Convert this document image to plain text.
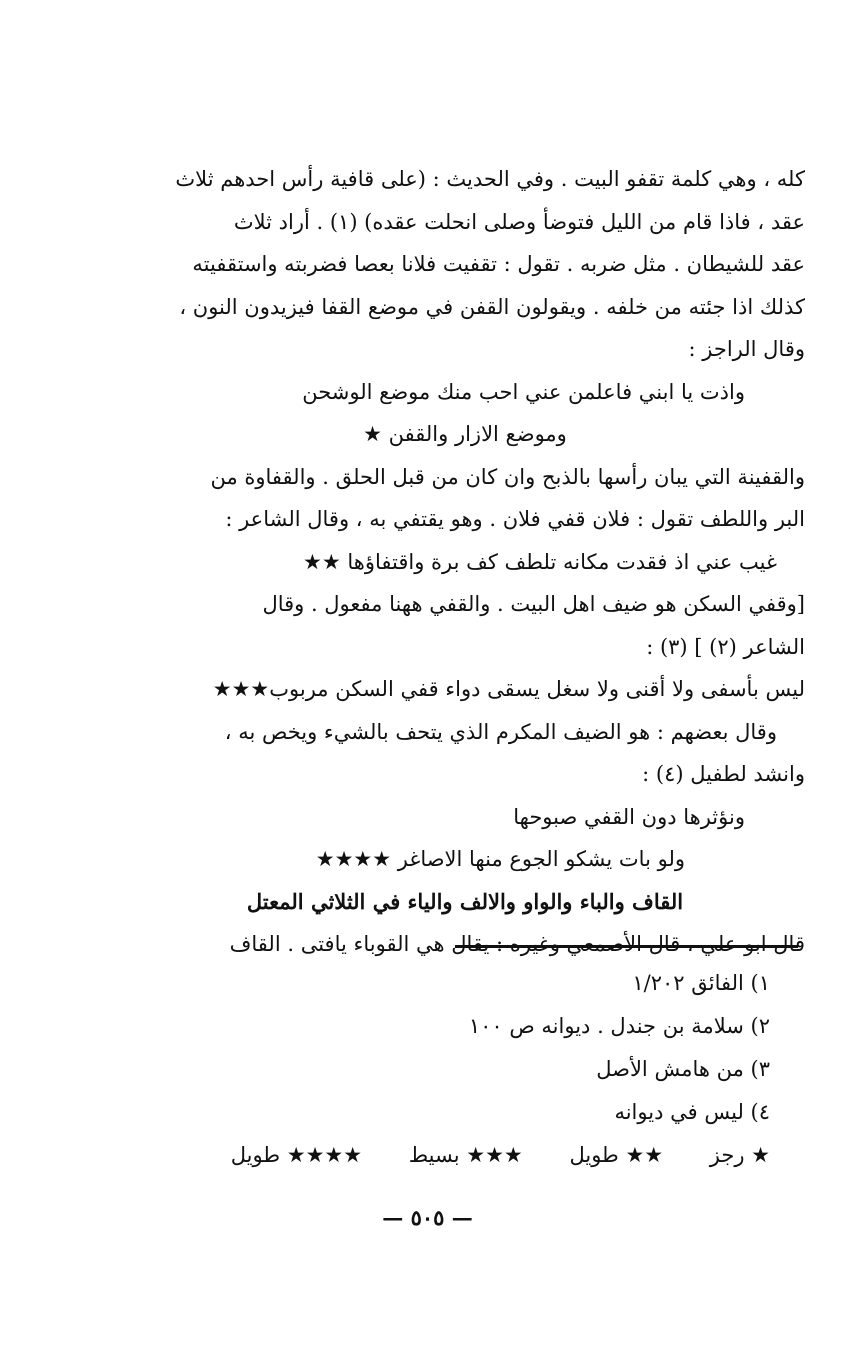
كله ، وهي كلمة تقفو البيت . وفي الحديث : (على قافية رأس احدهم ثلاث
عقد ، فاذا قام من الليل فتوضأ وصلى انحلت عقده) (١) . أراد ثلاث
عقد للشيطان . مثل ضربه . تقول : تقفيت فلانا بعصا فضربته واستقفيته
كذلك اذا جئته من خلفه . ويقولون القفن في موضع القفا فيزيدون النون ،
وقال الراجز :
واذت يا ابني فاعلمن عني احب منك موضع الوشحن
وموضع الازار والقفن ★
والقفينة التي يبان رأسها بالذبح وان كان من قبل الحلق . والقفاوة من
البر واللطف تقول : فلان قفي فلان . وهو يقتفي به ، وقال الشاعر :
غيب عني اذ فقدت مكانه تلطف كف برة واقتفاؤها ★★
[وقفي السكن هو ضيف اهل البيت . والقفي ههنا مفعول . وقال
الشاعر (٢) ] (٣) :
ليس بأسفى ولا أقنى ولا سغل يسقى دواء قفي السكن مربوب★★★
وقال بعضهم : هو الضيف المكرم الذي يتحف بالشيء ويخص به ،
وانشد لطفيل (٤) :
ونؤثرها دون القفي صبوحها
ولو بات يشكو الجوع منها الاصاغر ★★★★
القاف والباء والواو والالف والياء في الثلاثي المعتل
قال ابو علي ، قال الأصمعي وغيره : يقال هي القوباء يافتى . القاف
١) الفائق ١/٢٠٢
٢) سلامة بن جندل . ديوانه ص ١٠٠
٣) من هامش الأصل
٤) ليس في ديوانه
★ رجز ★★ طويل ★★★ بسيط ★★★★ طويل
— ٥٠٥ —
